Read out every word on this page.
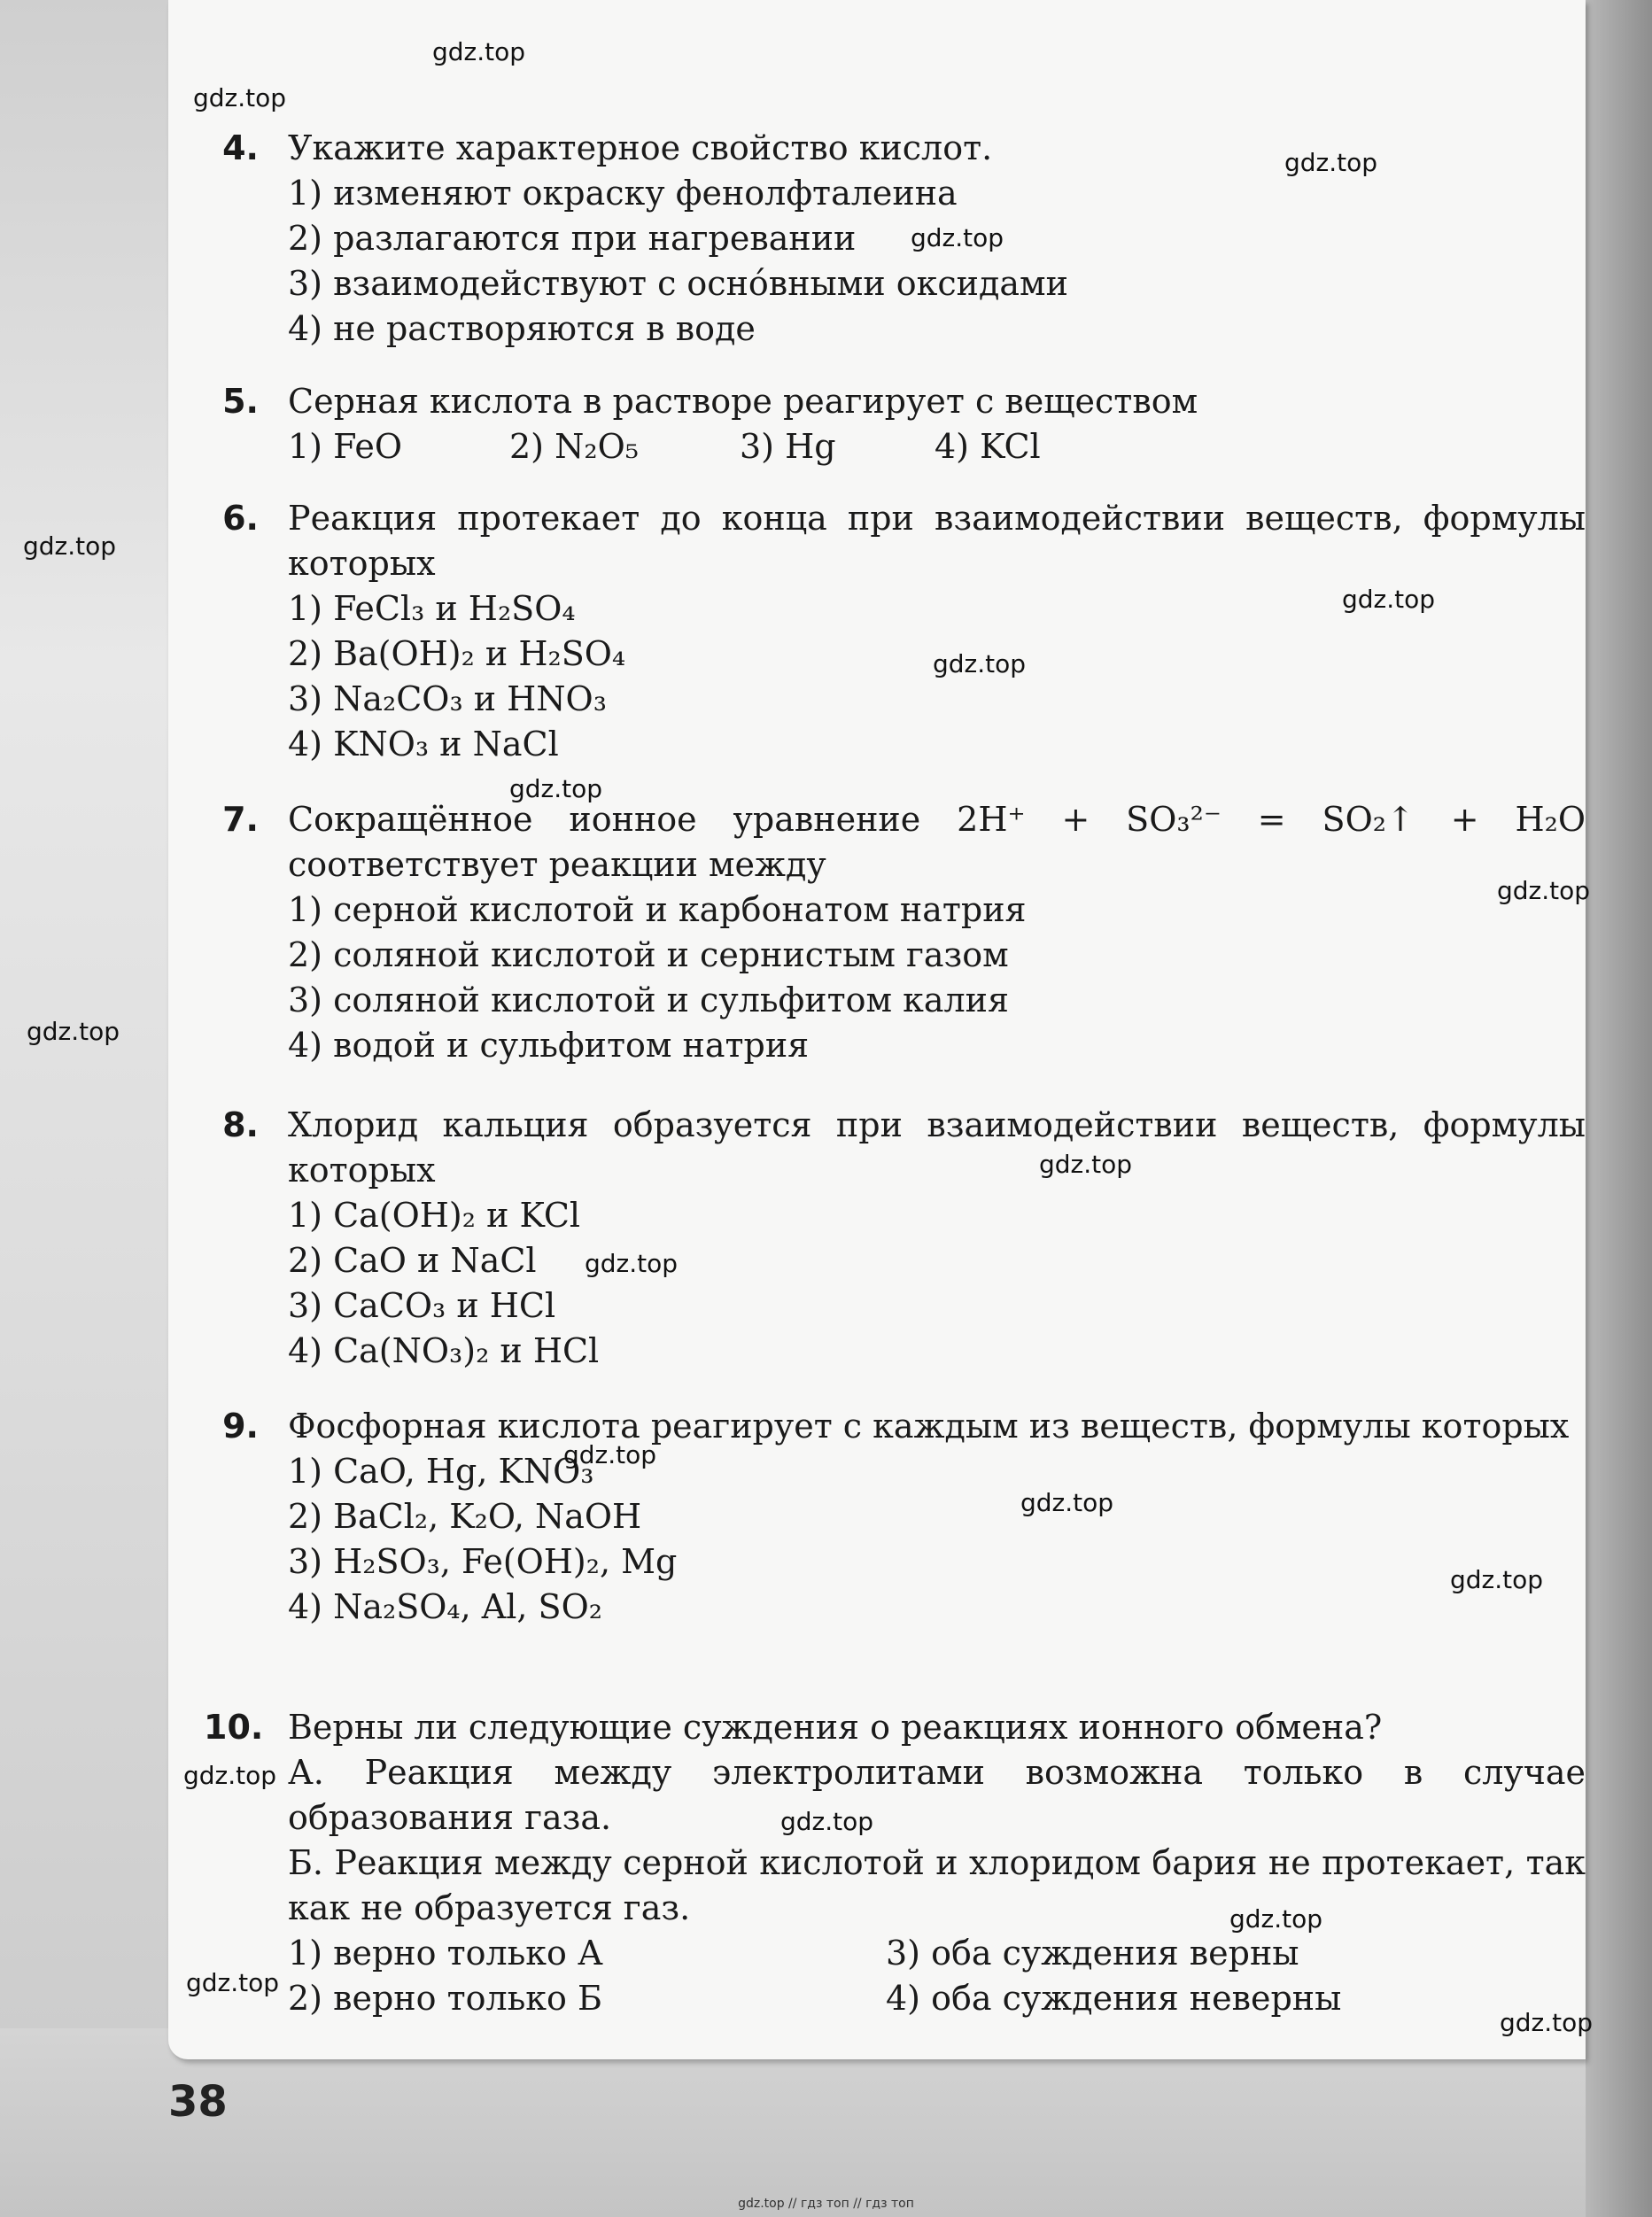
4. Укажите характерное свойство кислот.
1) изменяют окраску фенолфталеина
2) разлагаются при нагревании
3) взаимодействуют с оснóвными оксидами
4) не растворяются в воде
5. Серная кислота в растворе реагирует с веществом
1) FeO	2) N₂O₅	3) Hg	4) KCl
6. Реакция протекает до конца при взаимодействии веществ, формулы которых
1) FeCl₃ и H₂SO₄
2) Ba(OH)₂ и H₂SO₄
3) Na₂CO₃ и HNO₃
4) KNO₃ и NaCl
7. Сокращённое ионное уравнение 2H⁺ + SO₃²⁻ = SO₂↑ + H₂O соответствует реакции между
1) серной кислотой и карбонатом натрия
2) соляной кислотой и сернистым газом
3) соляной кислотой и сульфитом калия
4) водой и сульфитом натрия
8. Хлорид кальция образуется при взаимодействии веществ, формулы которых
1) Ca(OH)₂ и KCl
2) CaO и NaCl
3) CaCO₃ и HCl
4) Ca(NO₃)₂ и HCl
9. Фосфорная кислота реагирует с каждым из веществ, формулы которых
1) CaO, Hg, KNO₃
2) BaCl₂, K₂O, NaOH
3) H₂SO₃, Fe(OH)₂, Mg
4) Na₂SO₄, Al, SO₂
10. Верны ли следующие суждения о реакциях ионного обмена?
А. Реакция между электролитами возможна только в случае образования газа.
Б. Реакция между серной кислотой и хлоридом бария не протекает, так как не образуется газ.
1) верно только А	3) оба суждения верны
2) верно только Б	4) оба суждения неверны
38
gdz.top
gdz.top
gdz.top
gdz.top
gdz.top
gdz.top
gdz.top
gdz.top
gdz.top
gdz.top
gdz.top
gdz.top
gdz.top
gdz.top
gdz.top
gdz.top
gdz.top
gdz.top
gdz.top
gdz.top
gdz.top // гдз топ // гдз топ
